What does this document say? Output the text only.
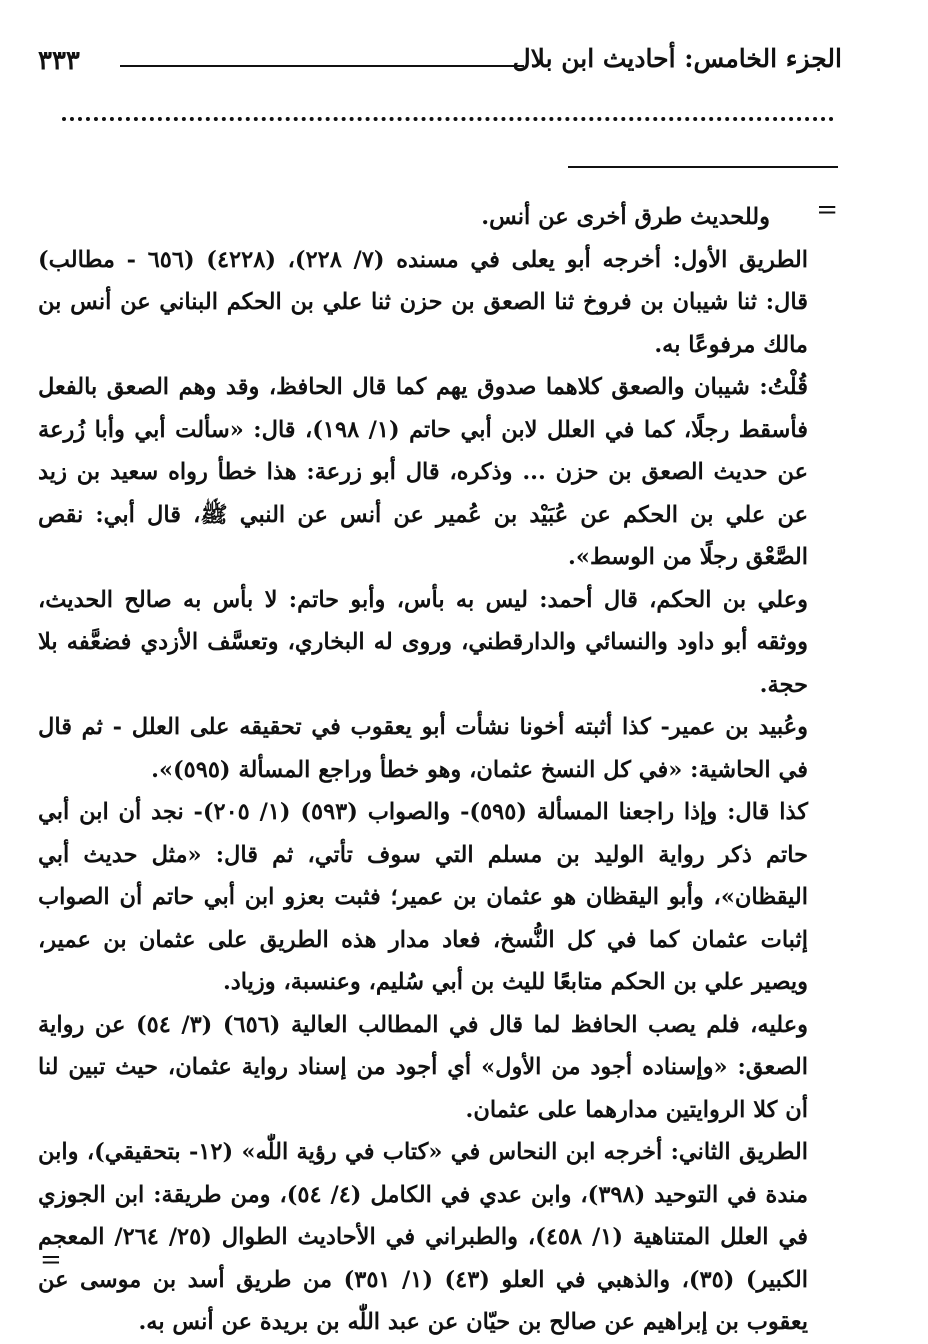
الجزء الخامس: أحاديث ابن بلال
٣٣٣
=

وللحديث طرق أخرى عن أنس.

الطريق الأول: أخرجه أبو يعلى في مسنده (٧/ ٢٢٨)، (٤٢٢٨) (٦٥٦ - مطالب) قال: ثنا شيبان بن فروخ ثنا الصعق بن حزن ثنا علي بن الحكم البناني عن أنس بن مالك مرفوعًا به.

قُلْتُ: شيبان والصعق كلاهما صدوق يهم كما قال الحافظ، وقد وهم الصعق بالفعل فأسقط رجلًا، كما في العلل لابن أبي حاتم (١/ ١٩٨)، قال: «سألت أبي وأبا زُرعة عن حديث الصعق بن حزن ... وذكره، قال أبو زرعة: هذا خطأ رواه سعيد بن زيد عن علي بن الحكم عن عُبَيْد بن عُمير عن أنس عن النبي ﷺ، قال أبي: نقص الصَّعْق رجلًا من الوسط».

وعلي بن الحكم، قال أحمد: ليس به بأس، وأبو حاتم: لا بأس به صالح الحديث، ووثقه أبو داود والنسائي والدارقطني، وروى له البخاري، وتعسَّف الأزدي فضعَّفه بلا حجة.

وعُبيد بن عمير- كذا أثبته أخونا نشأت أبو يعقوب في تحقيقه على العلل - ثم قال في الحاشية: «في كل النسخ عثمان، وهو خطأ وراجع المسألة (٥٩٥)».

كذا قال: وإذا راجعنا المسألة (٥٩٥)- والصواب (٥٩٣) (١/ ٢٠٥)- نجد أن ابن أبي حاتم ذكر رواية الوليد بن مسلم التي سوف تأتي، ثم قال: «مثل حديث أبي اليقظان»، وأبو اليقظان هو عثمان بن عمير؛ فثبت بعزو ابن أبي حاتم أن الصواب إثبات عثمان كما في كل النُّسخ، فعاد مدار هذه الطريق على عثمان بن عمير، ويصير علي بن الحكم متابعًا لليث بن أبي سُليم، وعنسبة، وزياد.

وعليه، فلم يصب الحافظ لما قال في المطالب العالية (٦٥٦) (٣/ ٥٤) عن رواية الصعق: «وإسناده أجود من الأول» أي أجود من إسناد رواية عثمان، حيث تبين لنا أن كلا الروايتين مدارهما على عثمان.

الطريق الثاني: أخرجه ابن النحاس في «كتاب في رؤية اللّٰه» (١٢- بتحقيقي)، وابن مندة في التوحيد (٣٩٨)، وابن عدي في الكامل (٤/ ٥٤)، ومن طريقة: ابن الجوزي في العلل المتناهية (١/ ٤٥٨)، والطبراني في الأحاديث الطوال (٢٥/ ٢٦٤/ المعجم الكبير) (٣٥)، والذهبي في العلو (٤٣) (١/ ٣٥١) من طريق أسد بن موسى عن يعقوب بن إبراهيم عن صالح بن حيّان عن عبد اللّٰه بن بريدة عن أنس به.

=
